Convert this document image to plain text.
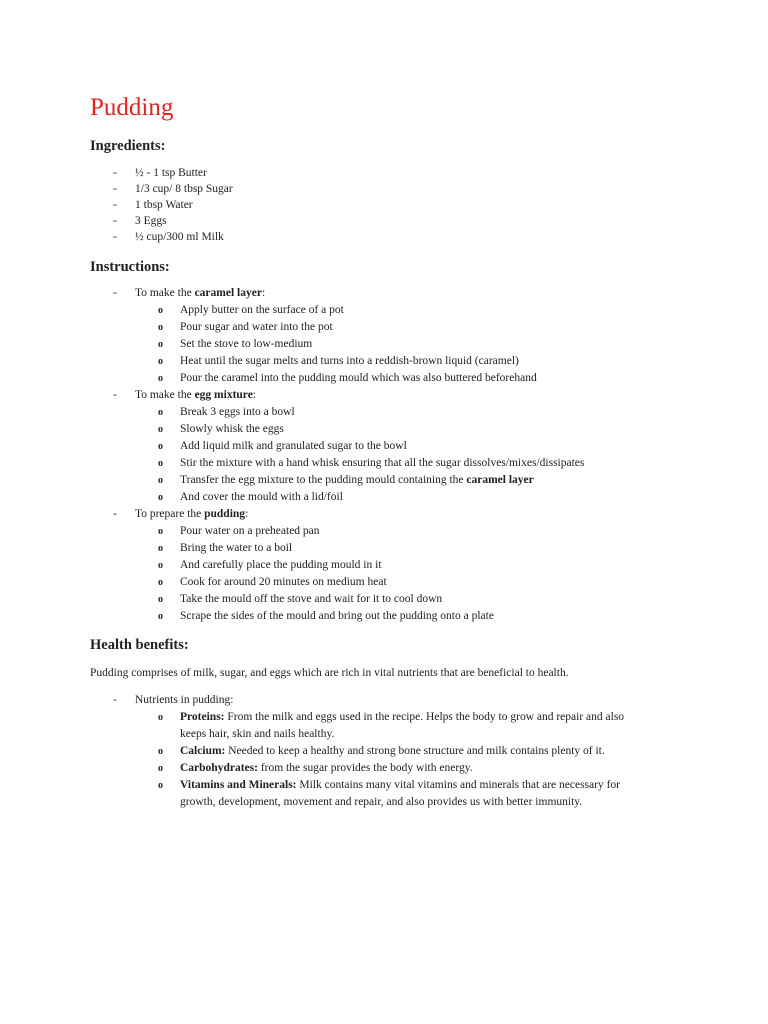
Pudding
Ingredients:
- ½ - 1 tsp Butter
- 1/3 cup/ 8 tbsp Sugar
- 1 tbsp Water
- 3 Eggs
- ½ cup/300 ml Milk
Instructions:
- To make the caramel layer:
o Apply butter on the surface of a pot
o Pour sugar and water into the pot
o Set the stove to low-medium
o Heat until the sugar melts and turns into a reddish-brown liquid (caramel)
o Pour the caramel into the pudding mould which was also buttered beforehand
- To make the egg mixture:
o Break 3 eggs into a bowl
o Slowly whisk the eggs
o Add liquid milk and granulated sugar to the bowl
o Stir the mixture with a hand whisk ensuring that all the sugar dissolves/mixes/dissipates
o Transfer the egg mixture to the pudding mould containing the caramel layer
o And cover the mould with a lid/foil
- To prepare the pudding:
o Pour water on a preheated pan
o Bring the water to a boil
o And carefully place the pudding mould in it
o Cook for around 20 minutes on medium heat
o Take the mould off the stove and wait for it to cool down
o Scrape the sides of the mould and bring out the pudding onto a plate
Health benefits:
Pudding comprises of milk, sugar, and eggs which are rich in vital nutrients that are beneficial to health.
- Nutrients in pudding:
o Proteins: From the milk and eggs used in the recipe. Helps the body to grow and repair and also
keeps hair, skin and nails healthy.
o Calcium: Needed to keep a healthy and strong bone structure and milk contains plenty of it.
o Carbohydrates: from the sugar provides the body with energy.
o Vitamins and Minerals: Milk contains many vital vitamins and minerals that are necessary for
growth, development, movement and repair, and also provides us with better immunity.
